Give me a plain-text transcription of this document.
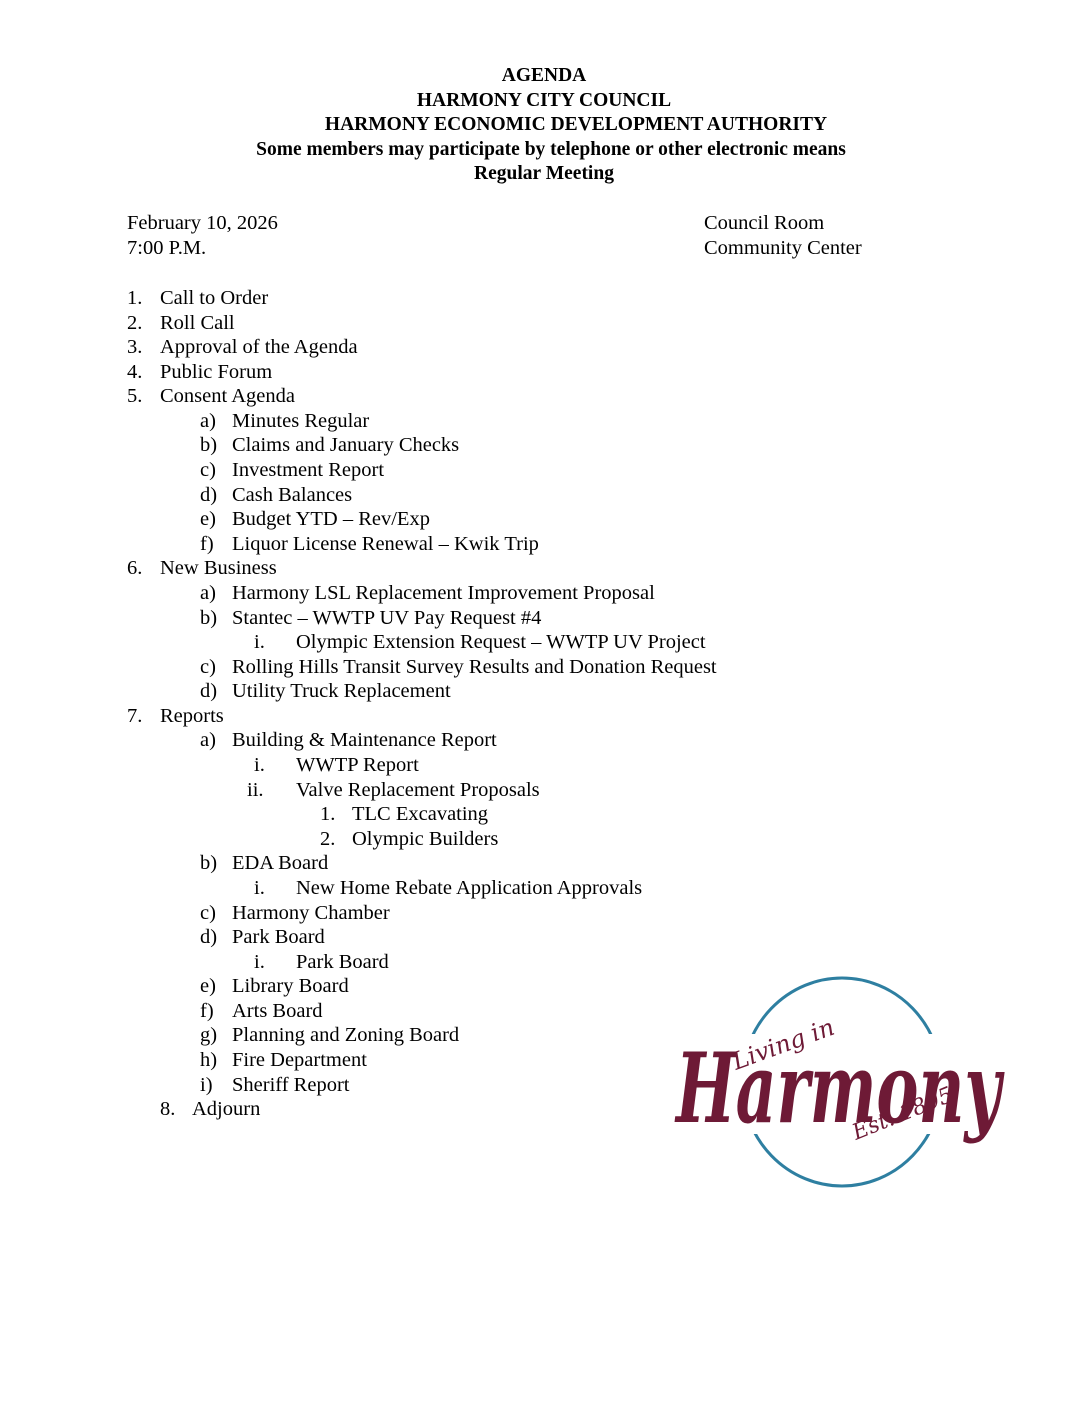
AGENDA
HARMONY CITY COUNCIL
HARMONY ECONOMIC DEVELOPMENT AUTHORITY
Some members may participate by telephone or other electronic means
Regular Meeting
February 10, 2026
7:00 P.M.
Council Room
Community Center
1. Call to Order
2. Roll Call
3. Approval of the Agenda
4. Public Forum
5. Consent Agenda
a) Minutes Regular
b) Claims and January Checks
c) Investment Report
d) Cash Balances
e) Budget YTD – Rev/Exp
f) Liquor License Renewal – Kwik Trip
6. New Business
a) Harmony LSL Replacement Improvement Proposal
b) Stantec – WWTP UV Pay Request #4
i. Olympic Extension Request – WWTP UV Project
c) Rolling Hills Transit Survey Results and Donation Request
d) Utility Truck Replacement
7. Reports
a) Building & Maintenance Report
i. WWTP Report
ii. Valve Replacement Proposals
1. TLC Excavating
2. Olympic Builders
b) EDA Board
i. New Home Rebate Application Approvals
c) Harmony Chamber
d) Park Board
i. Park Board
e) Library Board
f) Arts Board
g) Planning and Zoning Board
h) Fire Department
i) Sheriff Report
8. Adjourn	Harmony
Living in
Est. 1895
